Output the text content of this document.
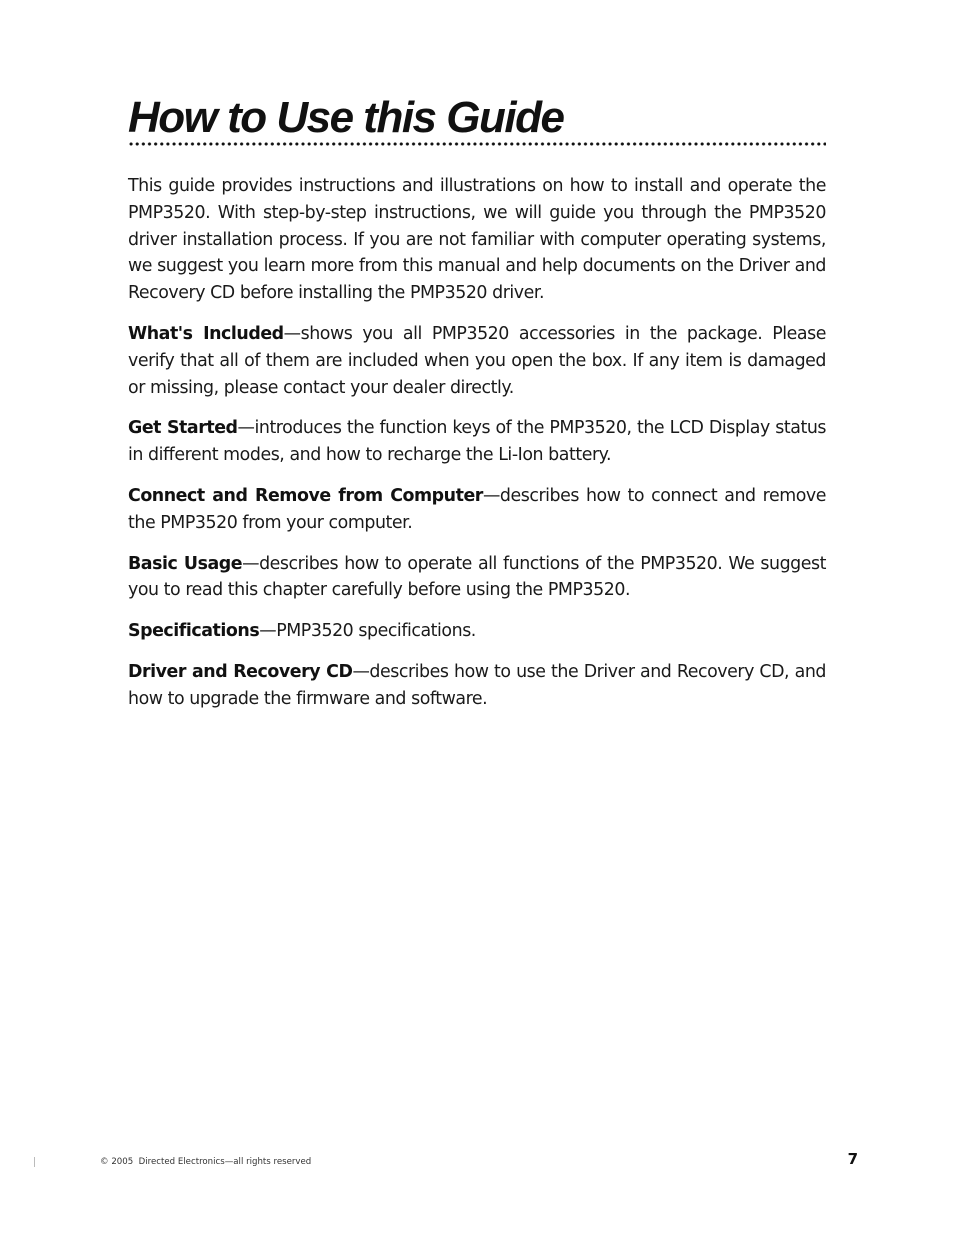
How to Use this Guide

This guide provides instructions and illustrations on how to install and operate the PMP3520. With step-by-step instructions, we will guide you through the PMP3520 driver installation process. If you are not familiar with computer operating systems, we suggest you learn more from this manual and help documents on the Driver and Recovery CD before installing the PMP3520 driver.

What's Included—shows you all PMP3520 accessories in the package. Please verify that all of them are included when you open the box. If any item is damaged or missing, please contact your dealer directly.

Get Started—introduces the function keys of the PMP3520, the LCD Display status in different modes, and how to recharge the Li-Ion battery.

Connect and Remove from Computer—describes how to connect and remove the PMP3520 from your computer.

Basic Usage—describes how to operate all functions of the PMP3520. We suggest you to read this chapter carefully before using the PMP3520.

Specifications—PMP3520 specifications.

Driver and Recovery CD—describes how to use the Driver and Recovery CD, and how to upgrade the firmware and software.

© 2005  Directed Electronics—all rights reserved	7
